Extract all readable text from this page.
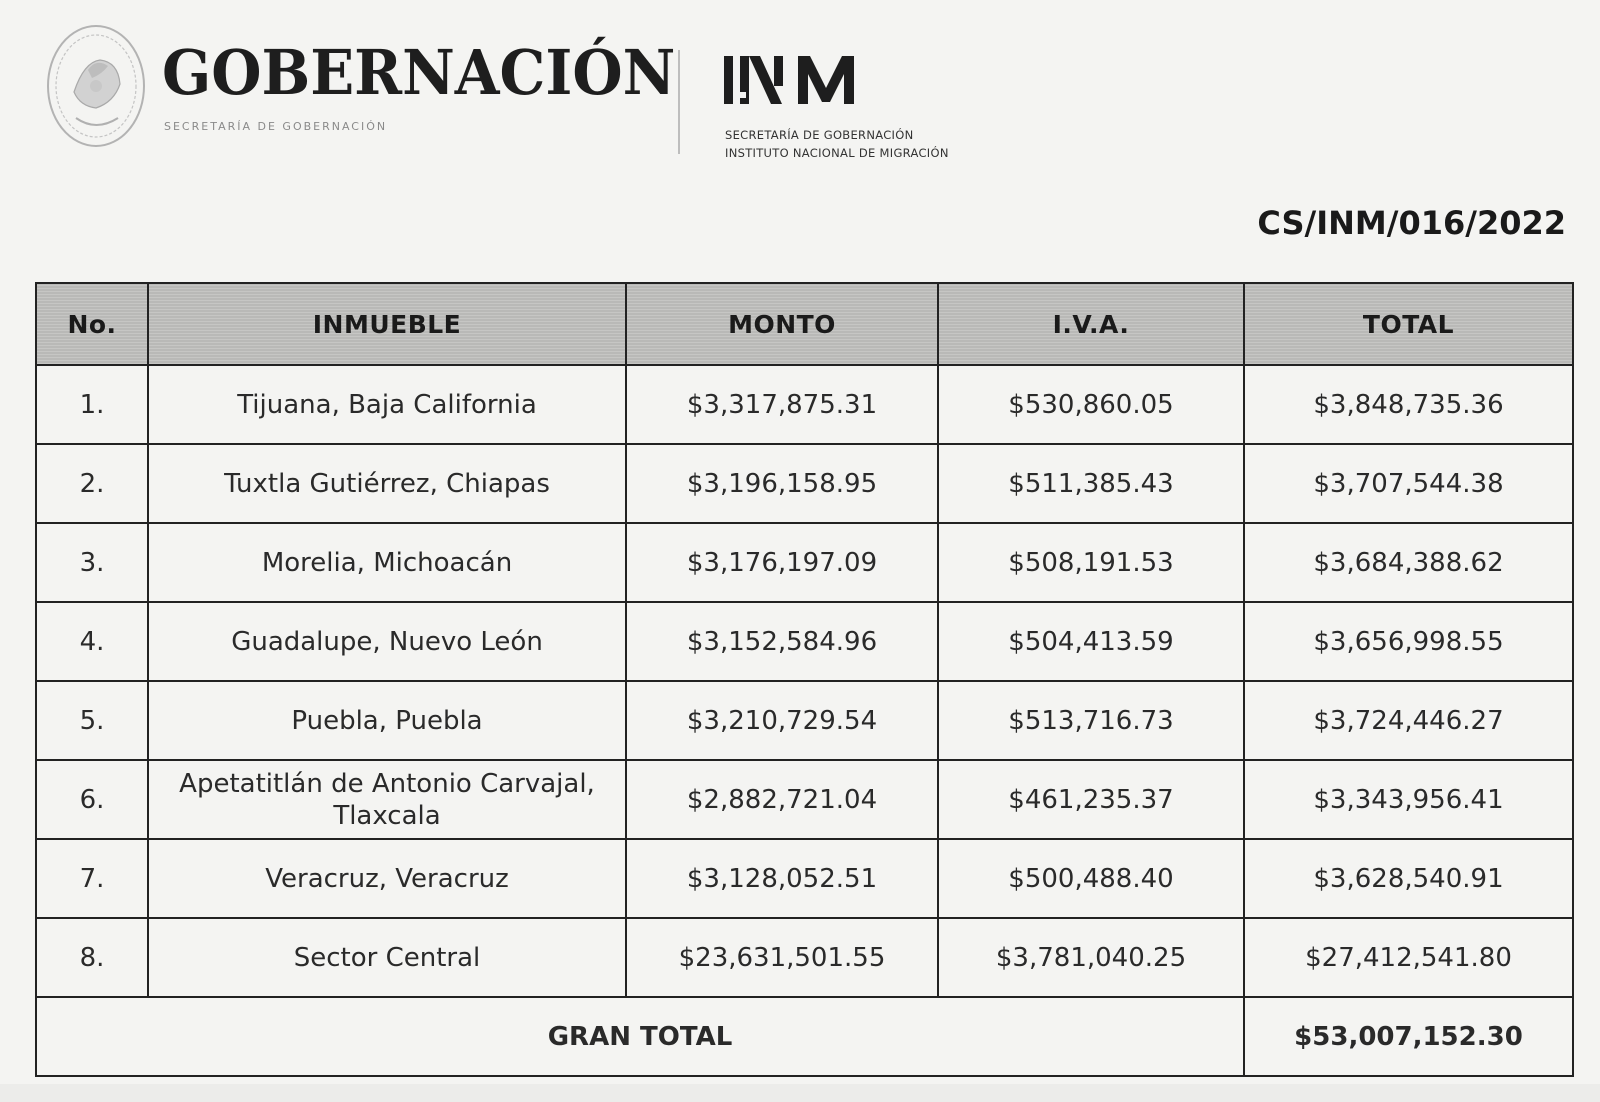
GOBERNACIÓN
SECRETARÍA DE GOBERNACIÓN
SECRETARÍA DE GOBERNACIÓN
INSTITUTO NACIONAL DE MIGRACIÓN
CS/INM/016/2022
No.	INMUEBLE	MONTO	I.V.A.	TOTAL
1.	Tijuana, Baja California	$3,317,875.31	$530,860.05	$3,848,735.36
2.	Tuxtla Gutiérrez, Chiapas	$3,196,158.95	$511,385.43	$3,707,544.38
3.	Morelia, Michoacán	$3,176,197.09	$508,191.53	$3,684,388.62
4.	Guadalupe, Nuevo León	$3,152,584.96	$504,413.59	$3,656,998.55
5.	Puebla, Puebla	$3,210,729.54	$513,716.73	$3,724,446.27
6.	Apetatitlán de Antonio Carvajal, Tlaxcala	$2,882,721.04	$461,235.37	$3,343,956.41
7.	Veracruz, Veracruz	$3,128,052.51	$500,488.40	$3,628,540.91
8.	Sector Central	$23,631,501.55	$3,781,040.25	$27,412,541.80
GRAN TOTAL				$53,007,152.30
